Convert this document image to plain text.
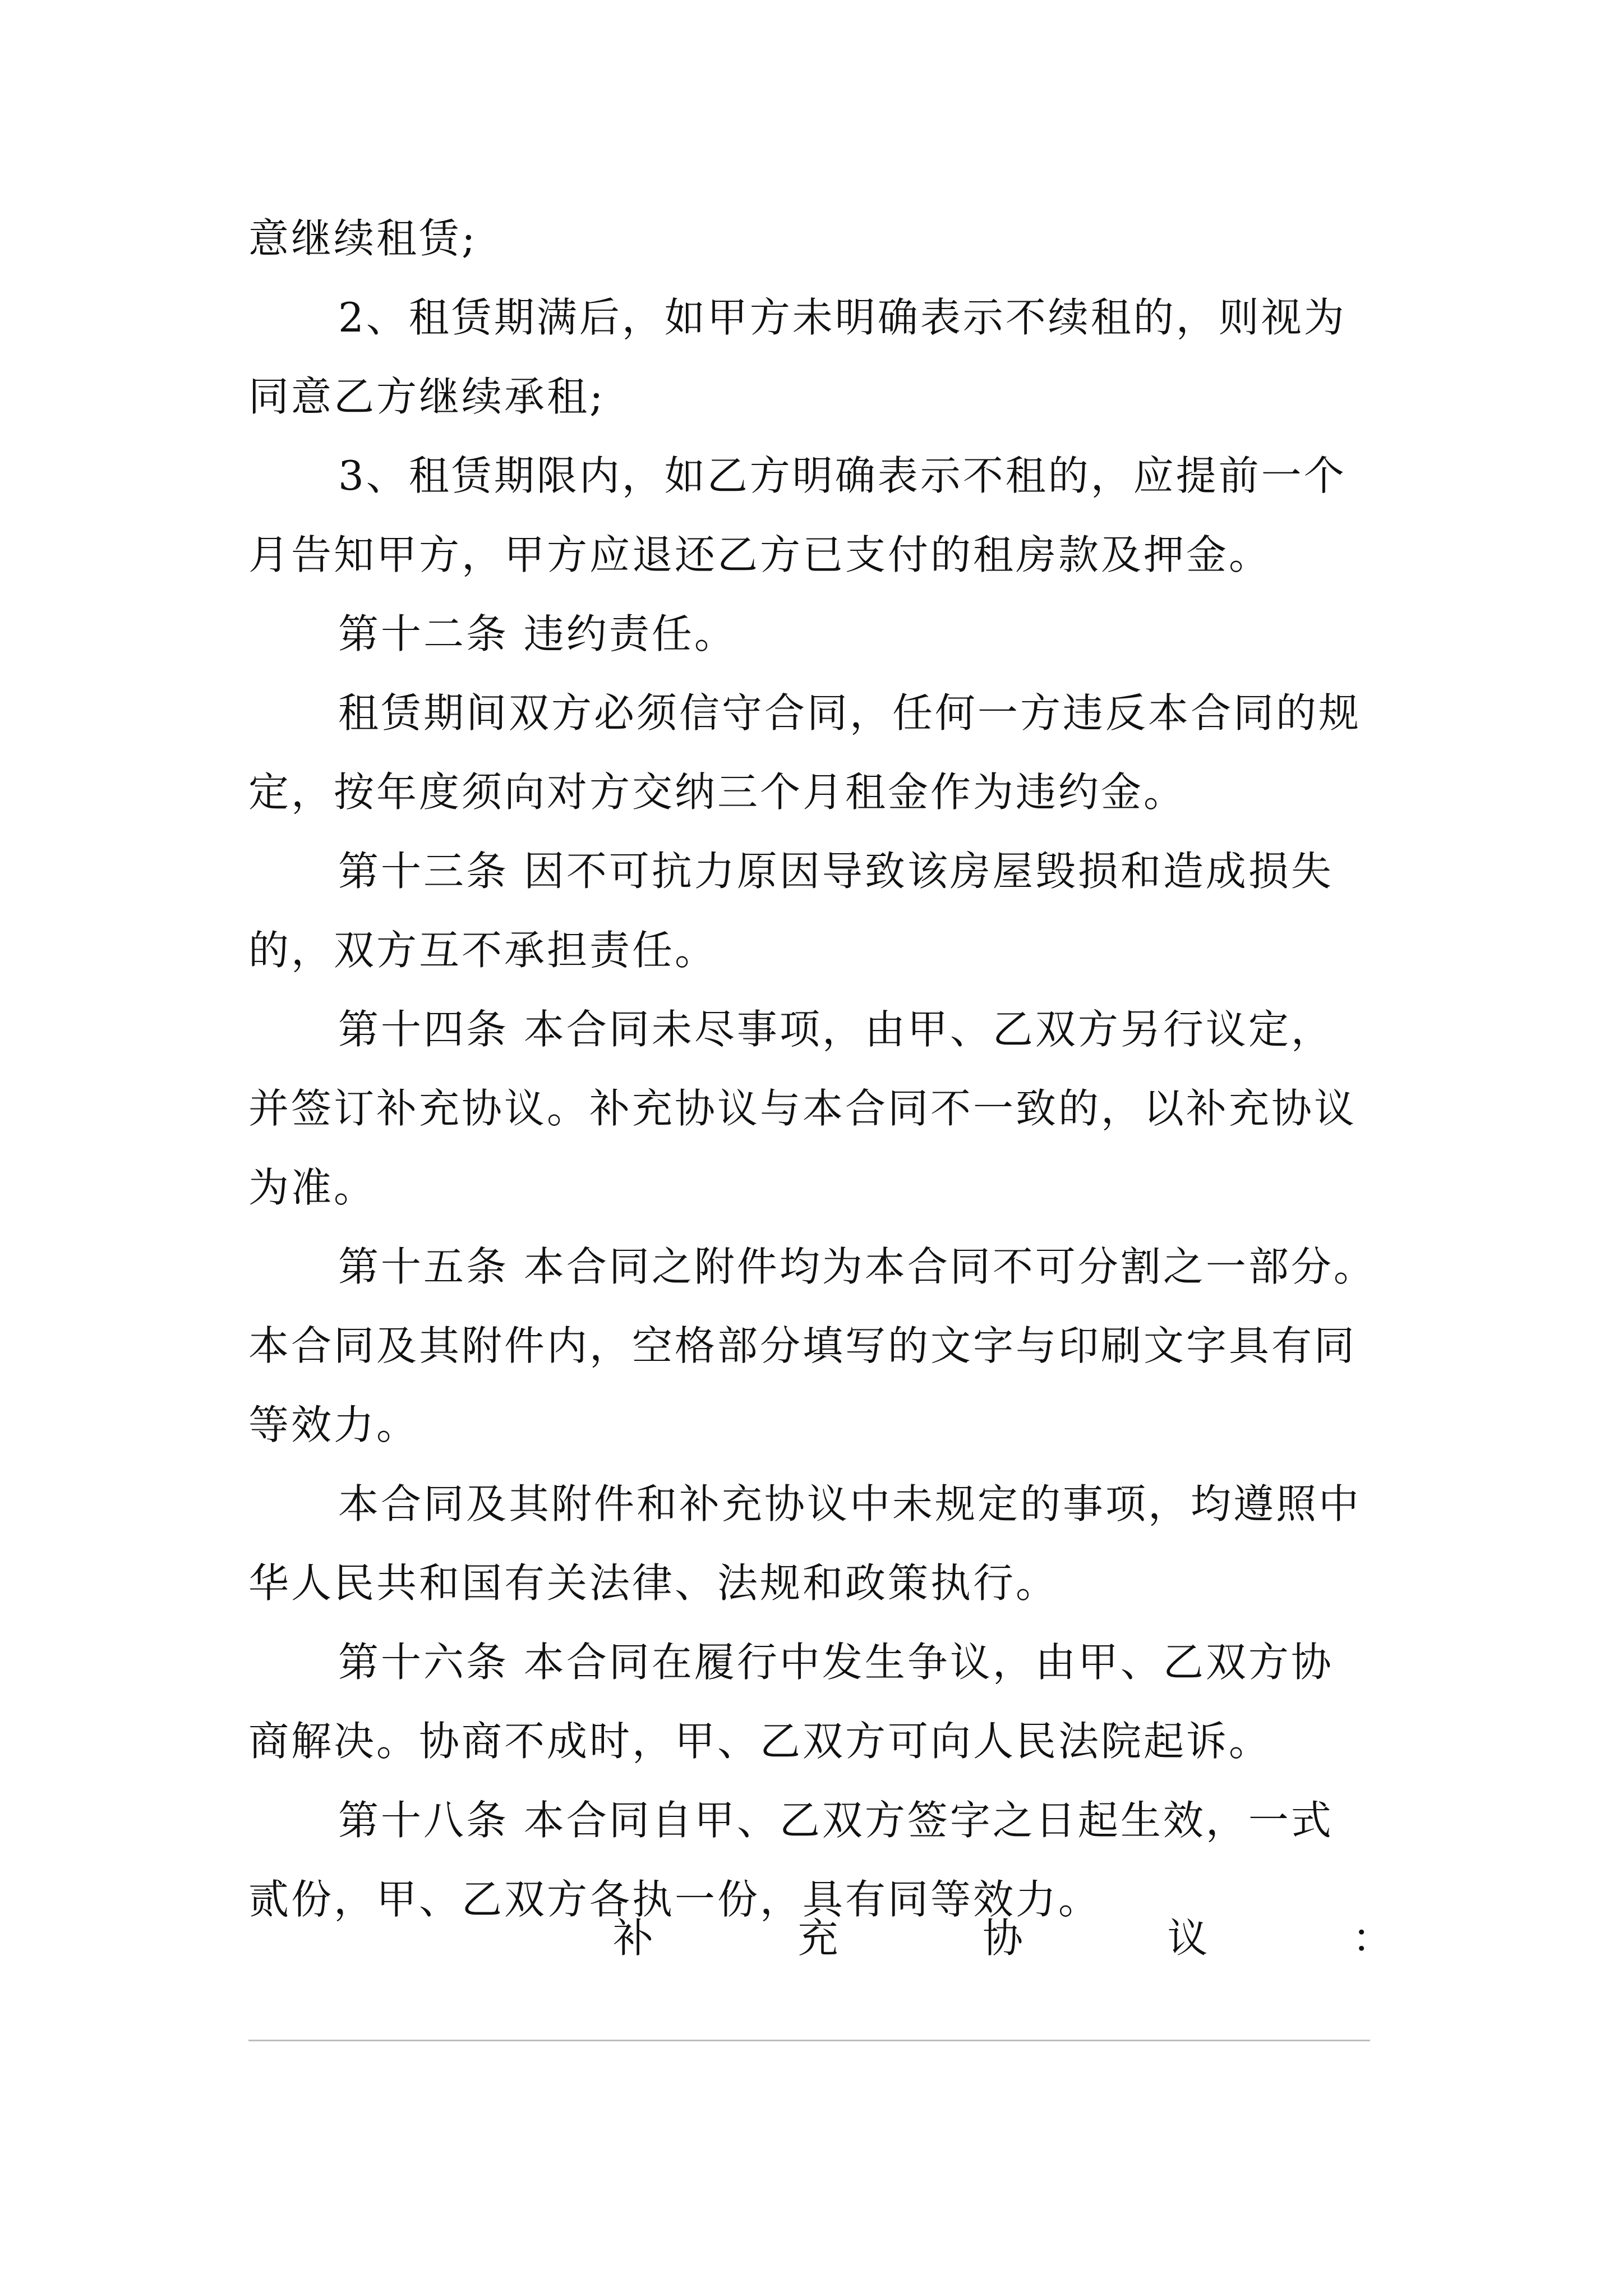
意继续租赁;
2、租赁期满后，如甲方未明确表示不续租的，则视为
同意乙方继续承租;
3、租赁期限内，如乙方明确表示不租的，应提前一个
月告知甲方，甲方应退还乙方已支付的租房款及押金。
第十二条 违约责任。
租赁期间双方必须信守合同，任何一方违反本合同的规
定，按年度须向对方交纳三个月租金作为违约金。
第十三条 因不可抗力原因导致该房屋毁损和造成损失
的，双方互不承担责任。
第十四条 本合同未尽事项，由甲、乙双方另行议定，
并签订补充协议。补充协议与本合同不一致的，以补充协议
为准。
第十五条 本合同之附件均为本合同不可分割之一部分。
本合同及其附件内，空格部分填写的文字与印刷文字具有同
等效力。
本合同及其附件和补充协议中未规定的事项，均遵照中
华人民共和国有关法律、法规和政策执行。
第十六条 本合同在履行中发生争议，由甲、乙双方协
商解决。协商不成时，甲、乙双方可向人民法院起诉。
第十八条 本合同自甲、乙双方签字之日起生效，一式
贰份，甲、乙双方各执一份，具有同等效力。
补	充	协	议	：
